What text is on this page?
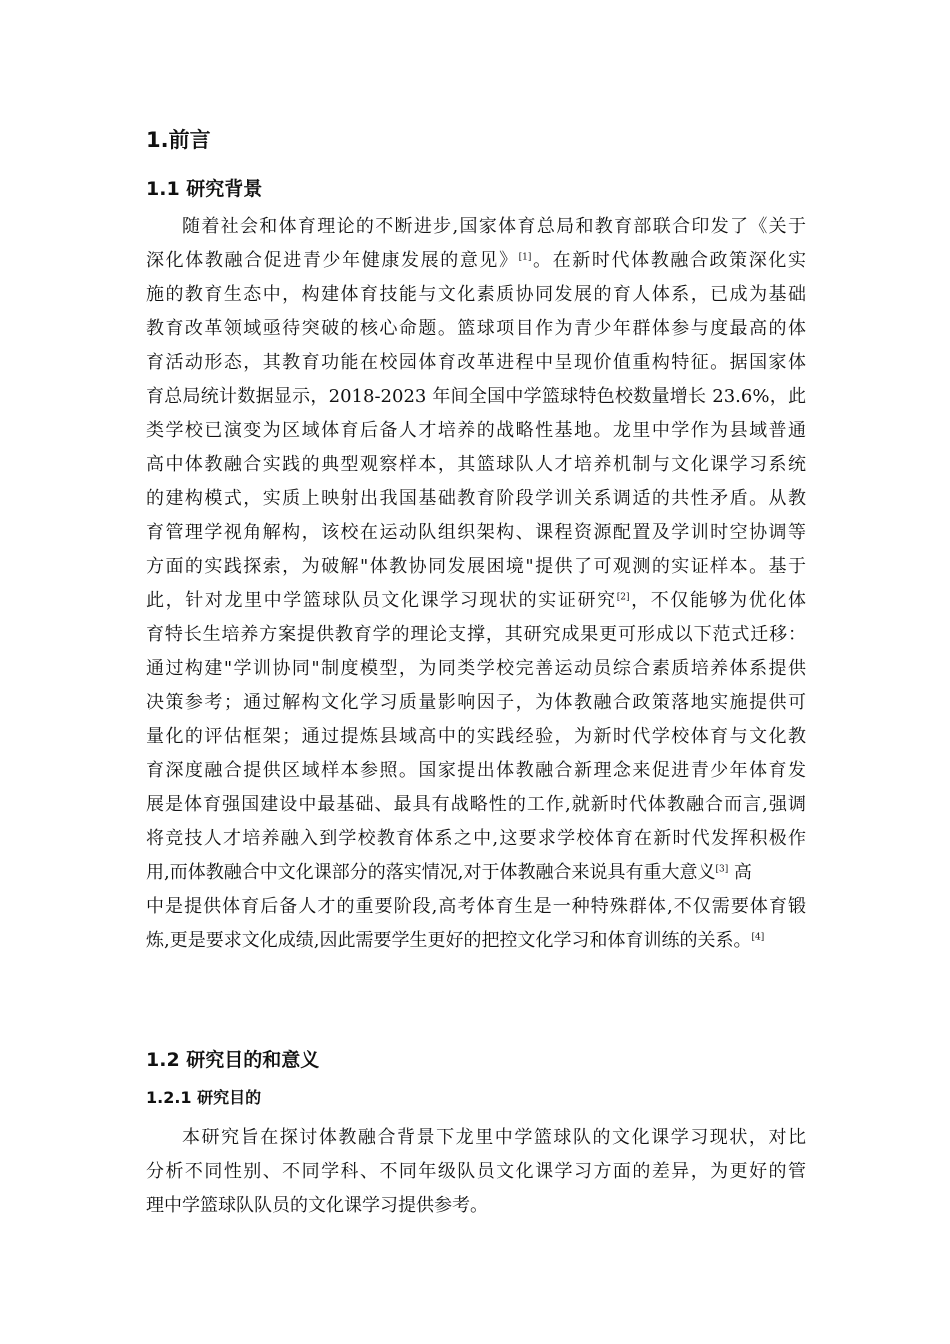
1.前言
1.1 研究背景
随着社会和体育理论的不断进步,国家体育总局和教育部联合印发了《关于
深化体教融合促进青少年健康发展的意见》[1]。在新时代体教融合政策深化实
施的教育生态中，构建体育技能与文化素质协同发展的育人体系，已成为基础
教育改革领域亟待突破的核心命题。篮球项目作为青少年群体参与度最高的体
育活动形态，其教育功能在校园体育改革进程中呈现价值重构特征。据国家体
育总局统计数据显示，2018-2023 年间全国中学篮球特色校数量增长 23.6%，此
类学校已演变为区域体育后备人才培养的战略性基地。龙里中学作为县域普通
高中体教融合实践的典型观察样本，其篮球队人才培养机制与文化课学习系统
的建构模式，实质上映射出我国基础教育阶段学训关系调适的共性矛盾。从教
育管理学视角解构，该校在运动队组织架构、课程资源配置及学训时空协调等
方面的实践探索，为破解"体教协同发展困境"提供了可观测的实证样本。基于
此，针对龙里中学篮球队员文化课学习现状的实证研究[2]，不仅能够为优化体
育特长生培养方案提供教育学的理论支撑，其研究成果更可形成以下范式迁移：
通过构建"学训协同"制度模型，为同类学校完善运动员综合素质培养体系提供
决策参考；通过解构文化学习质量影响因子，为体教融合政策落地实施提供可
量化的评估框架；通过提炼县域高中的实践经验，为新时代学校体育与文化教
育深度融合提供区域样本参照。国家提出体教融合新理念来促进青少年体育发
展是体育强国建设中最基础、最具有战略性的工作,就新时代体教融合而言,强调
将竞技人才培养融入到学校教育体系之中,这要求学校体育在新时代发挥积极作
用,而体教融合中文化课部分的落实情况,对于体教融合来说具有重大意义[3] 高
中是提供体育后备人才的重要阶段,高考体育生是一种特殊群体,不仅需要体育锻
炼,更是要求文化成绩,因此需要学生更好的把控文化学习和体育训练的关系。[4]
1.2 研究目的和意义
1.2.1 研究目的
本研究旨在探讨体教融合背景下龙里中学篮球队的文化课学习现状，对比
分析不同性别、不同学科、不同年级队员文化课学习方面的差异，为更好的管
理中学篮球队队员的文化课学习提供参考。
